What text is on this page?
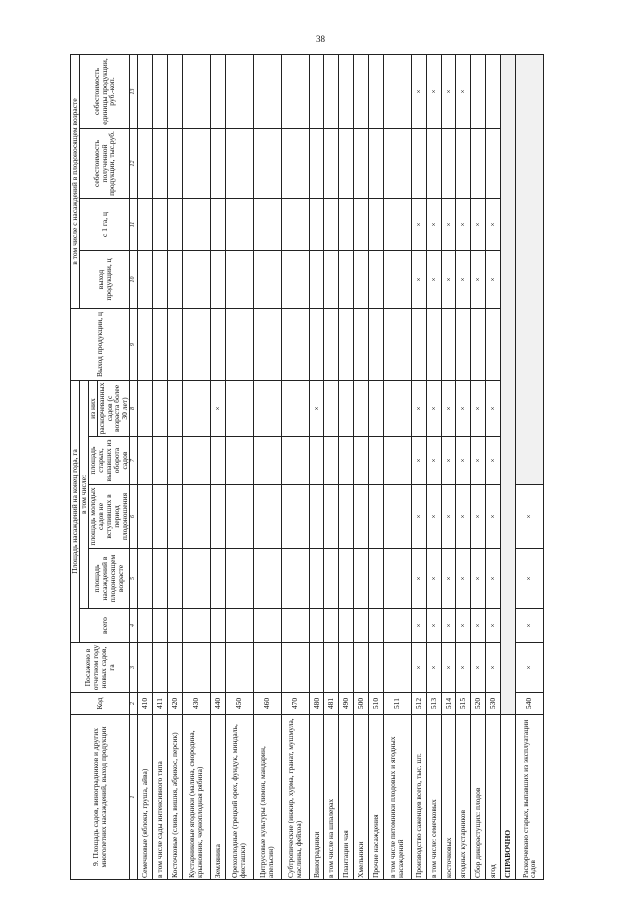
38
9. Площадь садов, виноградников и других многолетних насаждений, выход продукции	Код	Посажено в отчетном году новых садов, га	Площадь насаждений на конец года, га					Выход продукции, ц	в том числе с насаждений в плодоносящем возрасте			
			всего	в том числе:					выход продукции, ц	с 1 га, ц	себестоимость полученной продукции, тыс.руб.	себестоимость единицы продукции, руб.-коп.
				площадь насаждений в плодоносящем возрасте	площадь молодых садов не вступивших в период плодоношения	площадь старых, выпавших из оборота садов	из них					
							раскорчеванных садов (с возраста более 30 лет)					
1	2	3	4	5	6	7	8	9	10	11	12	13
Семечковые (яблоки, груша, айва)	410											
в том числе сады интенсивного типа	411											
Косточковые (слива, вишня, абрикос, персик)	420											
Кустарниковые ягодники (малина, смородина, крыжовник, черноплодная рябина)	430											
Земляника	440						×					
Орехоплодные (грецкий орех, фундук, миндаль, фисташки)	450											
Цитрусовые культуры (лимон, мандарин, апельсин)	460											
Субтропические (инжир, хурма, гранат, мушмула, маслины, фейхоа)	470											
Виноградники	480						×					
в том числе на шпалерах	481											
Плантации чая	490											
Хмельники	500											
Прочие насаждения	510											
в том числе питомники плодовых и ягодных насаждений	511											
Производство саженцев всего, тыс. шт.	512	×	×	×	×	×	×		×	×		×
в том числе: семечковых	513	×	×	×	×	×	×		×	×		×
косточковых	514	×	×	×	×	×	×		×	×		×
ягодных кустарников	515	×	×	×	×	×	×		×	×		×
Сбор дикорастущих: плодов	520	×	×	×	×	×	×		×	×		
ягод	530	×	×	×	×	×	×		×	×		
СПРАВОЧНО												
Раскорчевано старых, выпавших из эксплуатации садов	540	×	×	×	×							
